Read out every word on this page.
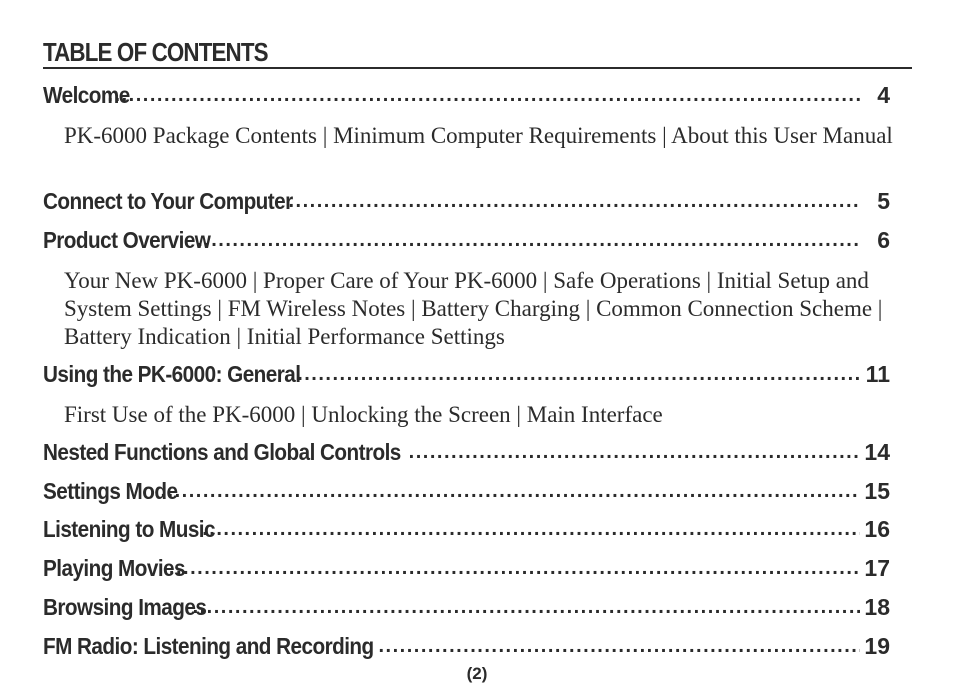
TABLE OF CONTENTS
Welcome .....	4
PK-6000 Package Contents | Minimum Computer Requirements | About this User Manual
Connect to Your Computer .....	5
Product Overview .....	6
Your New PK-6000 | Proper Care of Your PK-6000 | Safe Operations | Initial Setup and System Settings | FM Wireless Notes | Battery Charging | Common Connection Scheme | Battery Indication | Initial Performance Settings
Using the PK-6000: General .....	11
First Use of the PK-6000 | Unlocking the Screen | Main Interface
Nested Functions and Global Controls .....	14
Settings Mode .....	15
Listening to Music .....	16
Playing Movies .....	17
Browsing Images .....	18
FM Radio: Listening and Recording .....	19
(2)
